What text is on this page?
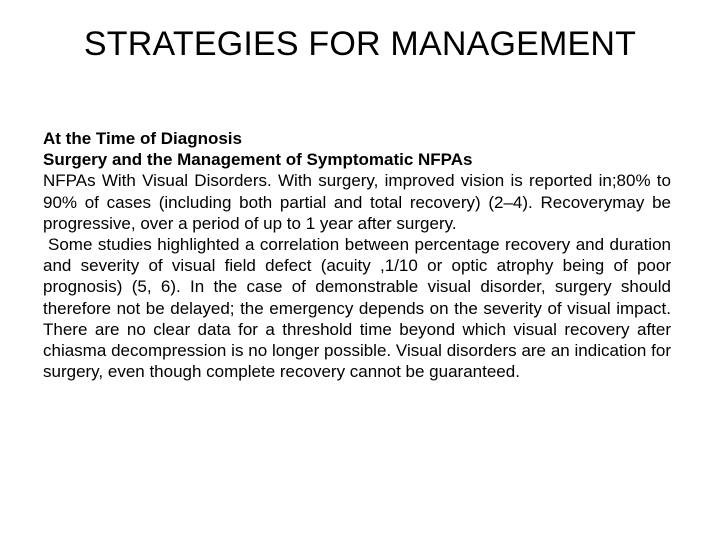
STRATEGIES FOR MANAGEMENT

At the Time of Diagnosis

Surgery and the Management of Symptomatic NFPAs

NFPAs With Visual Disorders. With surgery, improved vision is reported in;80% to 90% of cases (including both partial and total recovery) (2–4). Recoverymay be progressive, over a period of up to 1 year after surgery.

Some studies highlighted a correlation between percentage recovery and duration and severity of visual field defect (acuity ,1/10 or optic atrophy being of poor prognosis) (5, 6). In the case of demonstrable visual disorder, surgery should therefore not be delayed; the emergency depends on the severity of visual impact. There are no clear data for a threshold time beyond which visual recovery after chiasma decompression is no longer possible. Visual disorders are an indication for surgery, even though complete recovery cannot be guaranteed.
